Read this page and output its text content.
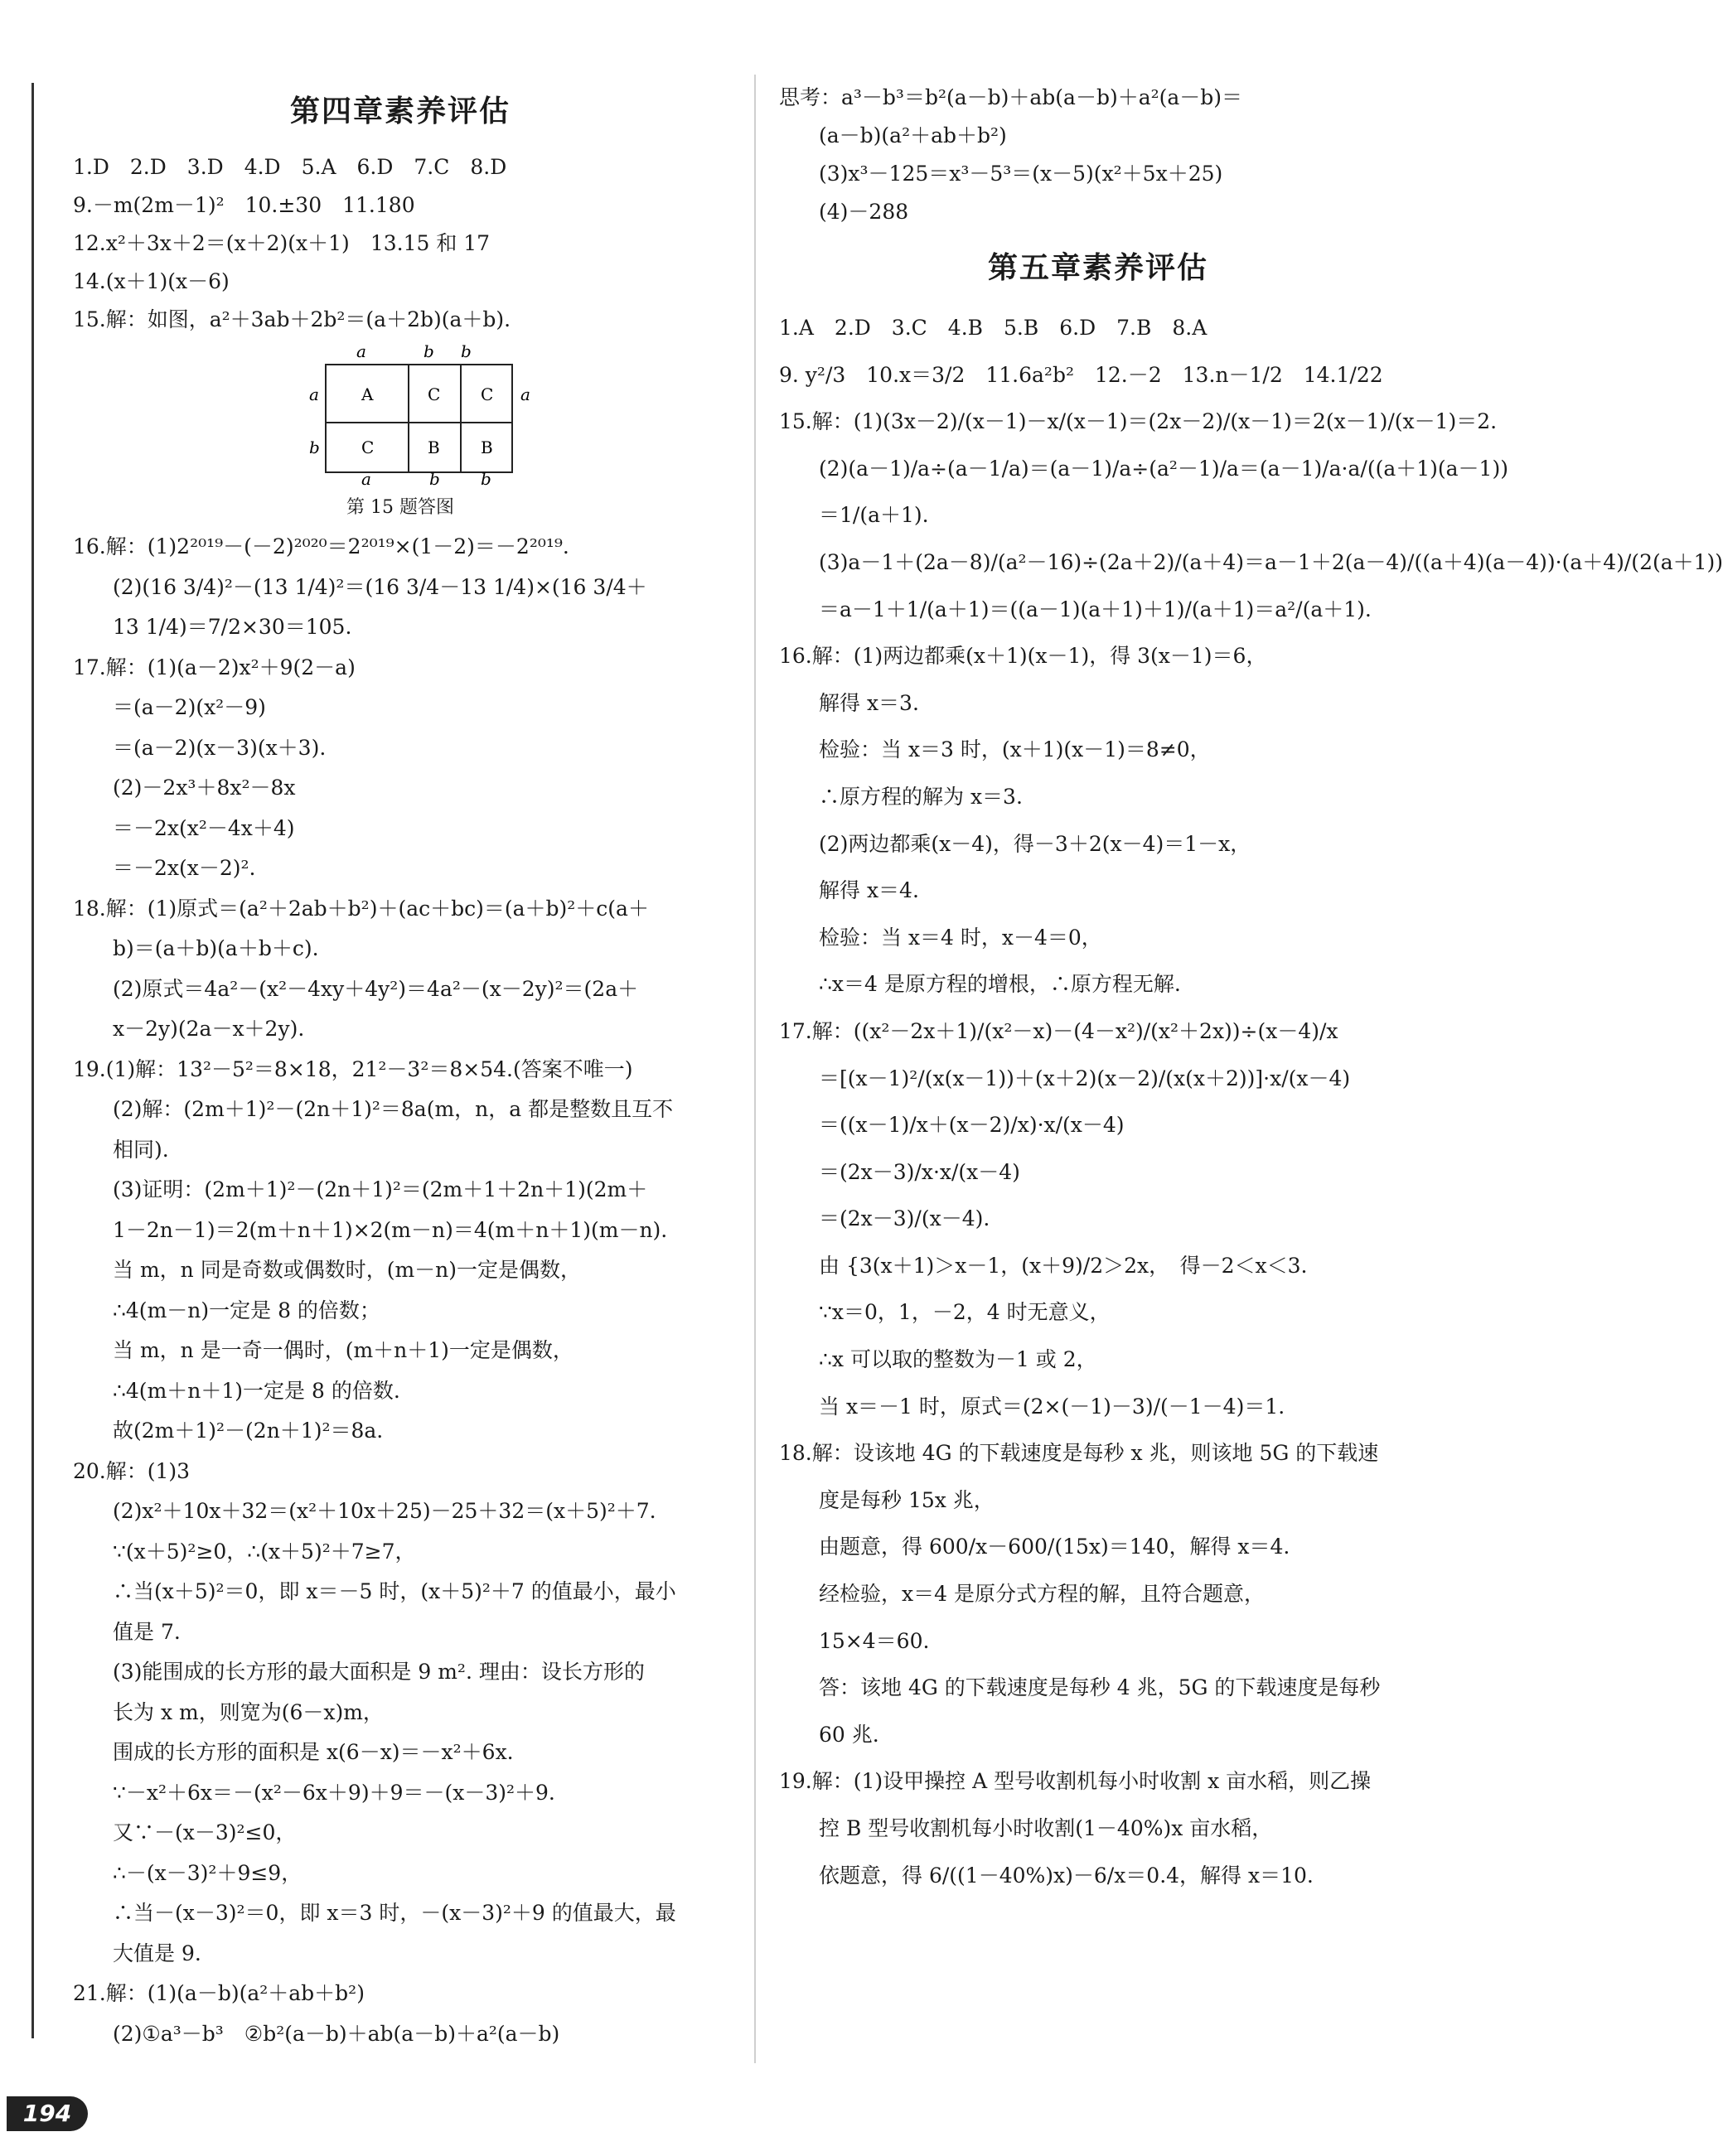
第四章素养评估
1.D　2.D　3.D　4.D　5.A　6.D　7.C　8.D
9.－m(2m－1)²　10.±30　11.180
12.x²＋3x＋2＝(x＋2)(x＋1)　13.15 和 17
14.(x＋1)(x－6)
15.解：如图，a²＋3ab＋2b²＝(a＋2b)(a＋b).
a	b b
a
b
a
A	C C
C	B B
a	b b
第 15 题答图
16.解：(1)2²⁰¹⁹－(－2)²⁰²⁰＝2²⁰¹⁹×(1－2)＝－2²⁰¹⁹.
(2)(16 3/4)²－(13 1/4)²＝(16 3/4－13 1/4)×(16 3/4＋
13 1/4)＝7/2×30＝105.
17.解：(1)(a－2)x²＋9(2－a)
＝(a－2)(x²－9)
＝(a－2)(x－3)(x＋3).
(2)－2x³＋8x²－8x
＝－2x(x²－4x＋4)
＝－2x(x－2)².
18.解：(1)原式＝(a²＋2ab＋b²)＋(ac＋bc)＝(a＋b)²＋c(a＋
b)＝(a＋b)(a＋b＋c).
(2)原式＝4a²－(x²－4xy＋4y²)＝4a²－(x－2y)²＝(2a＋
x－2y)(2a－x＋2y).
19.(1)解：13²－5²＝8×18，21²－3²＝8×54.(答案不唯一)
(2)解：(2m＋1)²－(2n＋1)²＝8a(m，n，a 都是整数且互不
相同).
(3)证明：(2m＋1)²－(2n＋1)²＝(2m＋1＋2n＋1)(2m＋
1－2n－1)＝2(m＋n＋1)×2(m－n)＝4(m＋n＋1)(m－n).
当 m，n 同是奇数或偶数时，(m－n)一定是偶数，
∴4(m－n)一定是 8 的倍数；
当 m，n 是一奇一偶时，(m＋n＋1)一定是偶数，
∴4(m＋n＋1)一定是 8 的倍数.
故(2m＋1)²－(2n＋1)²＝8a.
20.解：(1)3
(2)x²＋10x＋32＝(x²＋10x＋25)－25＋32＝(x＋5)²＋7.
∵(x＋5)²≥0，∴(x＋5)²＋7≥7，
∴当(x＋5)²＝0，即 x＝－5 时，(x＋5)²＋7 的值最小，最小
值是 7.
(3)能围成的长方形的最大面积是 9 m². 理由：设长方形的
长为 x m，则宽为(6－x)m，
围成的长方形的面积是 x(6－x)＝－x²＋6x.
∵－x²＋6x＝－(x²－6x＋9)＋9＝－(x－3)²＋9.
又∵－(x－3)²≤0，
∴－(x－3)²＋9≤9，
∴当－(x－3)²＝0，即 x＝3 时，－(x－3)²＋9 的值最大，最
大值是 9.
21.解：(1)(a－b)(a²＋ab＋b²)
(2)①a³－b³　②b²(a－b)＋ab(a－b)＋a²(a－b)
思考：a³－b³＝b²(a－b)＋ab(a－b)＋a²(a－b)＝
(a－b)(a²＋ab＋b²)
(3)x³－125＝x³－5³＝(x－5)(x²＋5x＋25)
(4)－288
第五章素养评估
1.A　2.D　3.C　4.B　5.B　6.D　7.B　8.A
9. y²/3　10.x＝3/2　11.6a²b²　12.－2　13.n－1/2　14.1/22
15.解：(1)(3x－2)/(x－1)－x/(x－1)＝(2x－2)/(x－1)＝2(x－1)/(x－1)＝2.
(2)(a－1)/a÷(a－1/a)＝(a－1)/a÷(a²－1)/a＝(a－1)/a·a/((a＋1)(a－1))
＝1/(a＋1).
(3)a－1＋(2a－8)/(a²－16)÷(2a＋2)/(a＋4)＝a－1＋2(a－4)/((a＋4)(a－4))·(a＋4)/(2(a＋1))
＝a－1＋1/(a＋1)＝((a－1)(a＋1)＋1)/(a＋1)＝a²/(a＋1).
16.解：(1)两边都乘(x＋1)(x－1)，得 3(x－1)＝6，
解得 x＝3.
检验：当 x＝3 时，(x＋1)(x－1)＝8≠0，
∴原方程的解为 x＝3.
(2)两边都乘(x－4)，得－3＋2(x－4)＝1－x，
解得 x＝4.
检验：当 x＝4 时，x－4＝0，
∴x＝4 是原方程的增根，∴原方程无解.
17.解：((x²－2x＋1)/(x²－x)－(4－x²)/(x²＋2x))÷(x－4)/x
＝[(x－1)²/(x(x－1))＋(x＋2)(x－2)/(x(x＋2))]·x/(x－4)
＝((x－1)/x＋(x－2)/x)·x/(x－4)
＝(2x－3)/x·x/(x－4)
＝(2x－3)/(x－4).
由 {3(x＋1)＞x－1，(x＋9)/2＞2x，　得－2＜x＜3.
∵x＝0，1，－2，4 时无意义，
∴x 可以取的整数为－1 或 2，
当 x＝－1 时，原式＝(2×(－1)－3)/(－1－4)＝1.
18.解：设该地 4G 的下载速度是每秒 x 兆，则该地 5G 的下载速
度是每秒 15x 兆，
由题意，得 600/x－600/(15x)＝140，解得 x＝4.
经检验，x＝4 是原分式方程的解，且符合题意，
15×4＝60.
答：该地 4G 的下载速度是每秒 4 兆，5G 的下载速度是每秒
60 兆.
19.解：(1)设甲操控 A 型号收割机每小时收割 x 亩水稻，则乙操
控 B 型号收割机每小时收割(1－40%)x 亩水稻，
依题意，得 6/((1－40%)x)－6/x＝0.4，解得 x＝10.
194
